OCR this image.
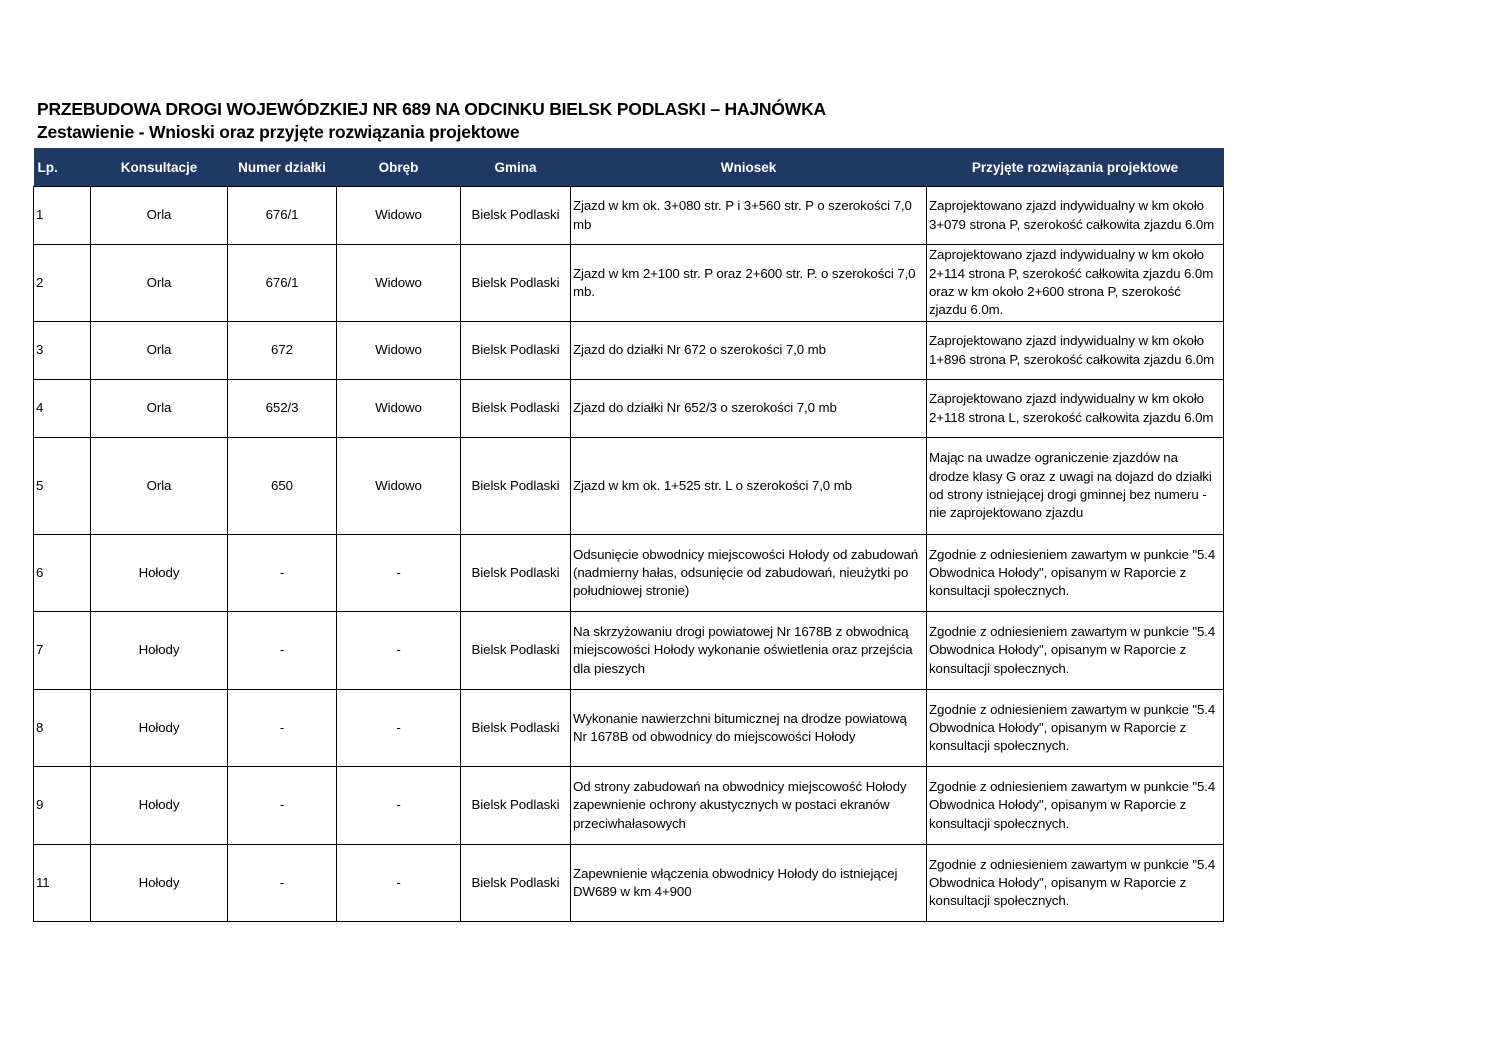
PRZEBUDOWA DROGI WOJEWÓDZKIEJ NR 689 NA ODCINKU BIELSK PODLASKI – HAJNÓWKA
Zestawienie - Wnioski oraz przyjęte rozwiązania projektowe
Lp.	Konsultacje	Numer działki	Obręb	Gmina	Wniosek	Przyjęte rozwiązania projektowe
1	Orla	676/1	Widowo	Bielsk Podlaski	Zjazd w km ok. 3+080 str. P i 3+560 str. P o szerokości 7,0 mb	Zaprojektowano zjazd indywidualny w km około 3+079 strona P, szerokość całkowita zjazdu 6.0m
2	Orla	676/1	Widowo	Bielsk Podlaski	Zjazd w km 2+100 str. P oraz 2+600 str. P. o szerokości 7,0 mb.	Zaprojektowano zjazd indywidualny w km około 2+114 strona P, szerokość całkowita zjazdu 6.0m oraz w km około 2+600 strona P, szerokość zjazdu 6.0m.
3	Orla	672	Widowo	Bielsk Podlaski	Zjazd do działki Nr 672 o szerokości 7,0 mb	Zaprojektowano zjazd indywidualny w km około 1+896 strona P, szerokość całkowita zjazdu 6.0m
4	Orla	652/3	Widowo	Bielsk Podlaski	Zjazd do działki Nr 652/3 o szerokości 7,0 mb	Zaprojektowano zjazd indywidualny w km około 2+118 strona L, szerokość całkowita zjazdu 6.0m
5	Orla	650	Widowo	Bielsk Podlaski	Zjazd w km ok. 1+525 str. L o szerokości 7,0 mb	Mając na uwadze ograniczenie zjazdów na drodze klasy G oraz z uwagi na dojazd do działki od strony istniejącej drogi gminnej bez numeru - nie zaprojektowano zjazdu
6	Hołody	-	-	Bielsk Podlaski	Odsunięcie obwodnicy miejscowości Hołody od zabudowań (nadmierny hałas, odsunięcie od zabudowań, nieużytki po południowej stronie)	Zgodnie z odniesieniem zawartym w punkcie "5.4 Obwodnica Hołody", opisanym w Raporcie z konsultacji społecznych.
7	Hołody	-	-	Bielsk Podlaski	Na skrzyżowaniu drogi powiatowej Nr 1678B z obwodnicą miejscowości Hołody wykonanie oświetlenia oraz przejścia dla pieszych	Zgodnie z odniesieniem zawartym w punkcie "5.4 Obwodnica Hołody", opisanym w Raporcie z konsultacji społecznych.
8	Hołody	-	-	Bielsk Podlaski	Wykonanie nawierzchni bitumicznej na drodze powiatową Nr 1678B od obwodnicy do miejscowości Hołody	Zgodnie z odniesieniem zawartym w punkcie "5.4 Obwodnica Hołody", opisanym w Raporcie z konsultacji społecznych.
9	Hołody	-	-	Bielsk Podlaski	Od strony zabudowań na obwodnicy miejscowość Hołody zapewnienie ochrony akustycznych w postaci ekranów przeciwhałasowych	Zgodnie z odniesieniem zawartym w punkcie "5.4 Obwodnica Hołody", opisanym w Raporcie z konsultacji społecznych.
11	Hołody	-	-	Bielsk Podlaski	Zapewnienie włączenia obwodnicy Hołody do istniejącej DW689 w km 4+900	Zgodnie z odniesieniem zawartym w punkcie "5.4 Obwodnica Hołody", opisanym w Raporcie z konsultacji społecznych.
